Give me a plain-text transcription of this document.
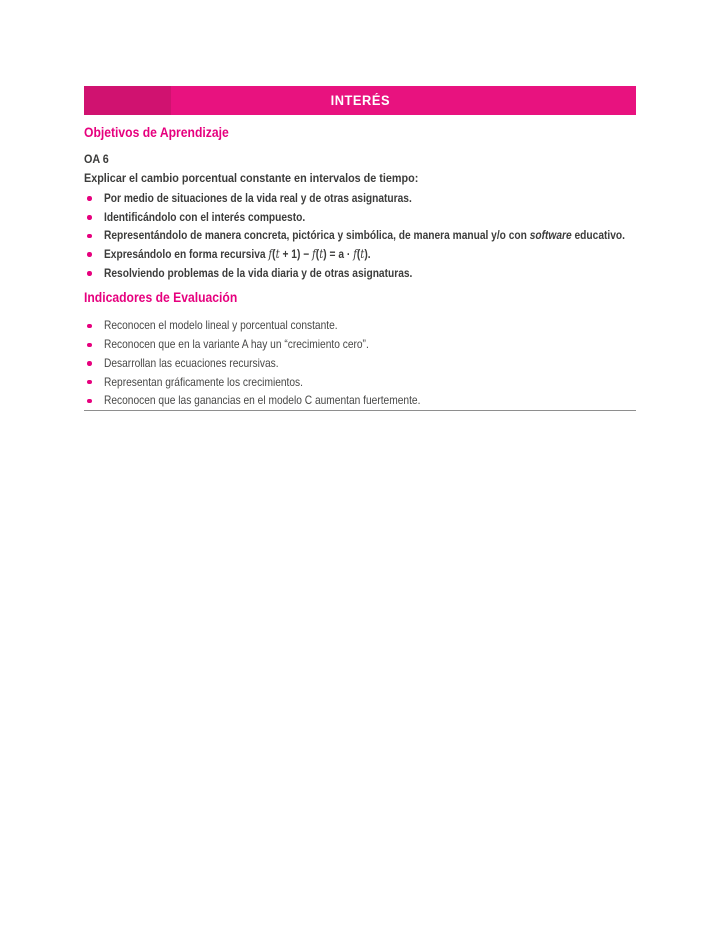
INTERÉS
Objetivos de Aprendizaje

OA 6

Explicar el cambio porcentual constante en intervalos de tiempo:

Por medio de situaciones de la vida real y de otras asignaturas.
Identificándolo con el interés compuesto.
Representándolo de manera concreta, pictórica y simbólica, de manera manual y/o con software educativo.
Expresándolo en forma recursiva f(t + 1) − f(t) = a · f(t).
Resolviendo problemas de la vida diaria y de otras asignaturas.
Indicadores de Evaluación
Reconocen el modelo lineal y porcentual constante.
Reconocen que en la variante A hay un “crecimiento cero”.
Desarrollan las ecuaciones recursivas.
Representan gráficamente los crecimientos.
Reconocen que las ganancias en el modelo C aumentan fuertemente.
